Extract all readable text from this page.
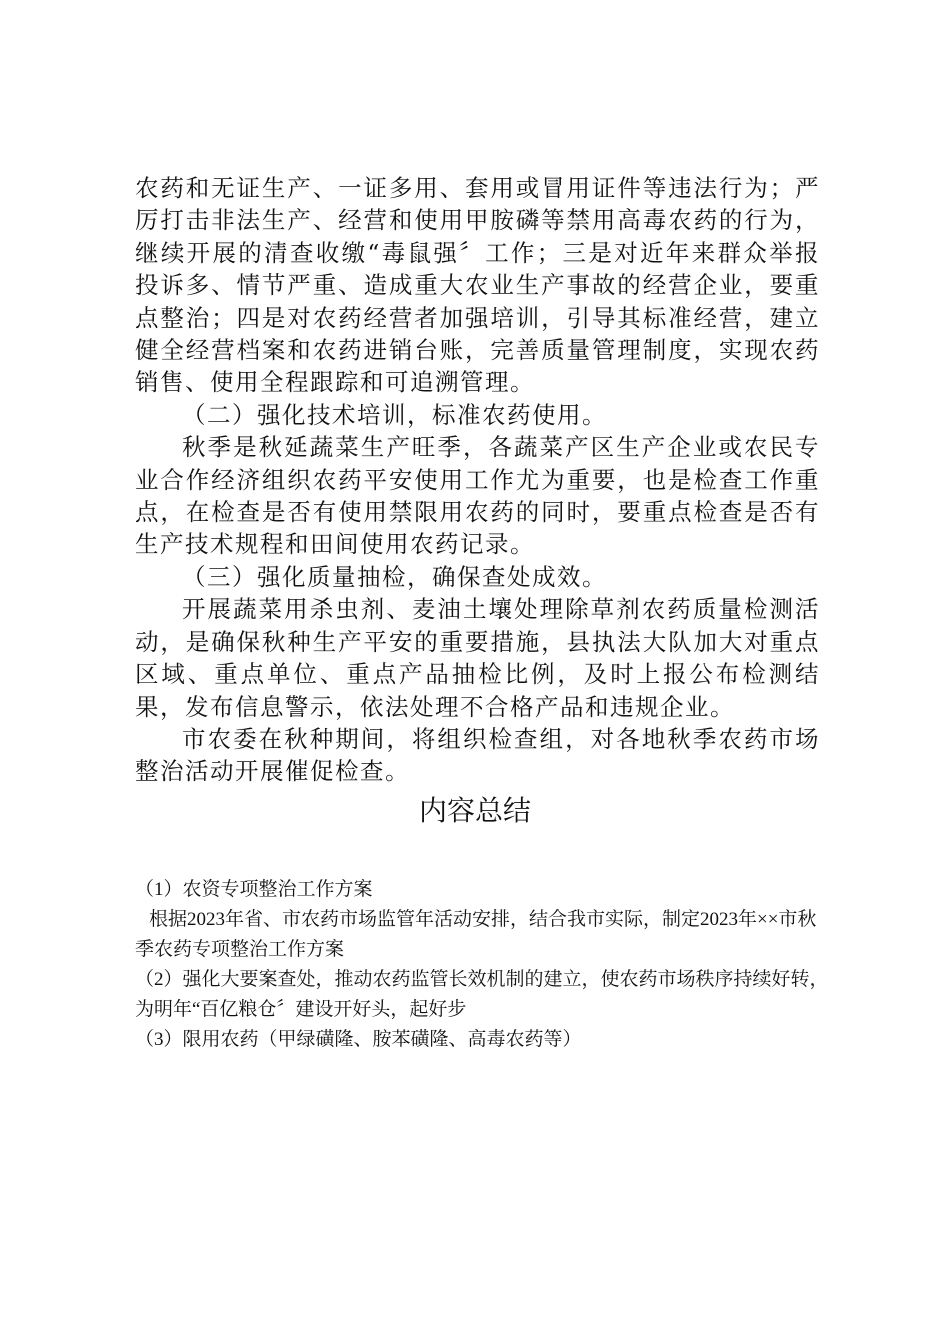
农药和无证生产、一证多用、套用或冒用证件等违法行为；严厉打击非法生产、经营和使用甲胺磷等禁用高毒农药的行为，继续开展的清查收缴“毒鼠强〞工作；三是对近年来群众举报投诉多、情节严重、造成重大农业生产事故的经营企业，要重点整治；四是对农药经营者加强培训，引导其标准经营，建立健全经营档案和农药进销台账，完善质量管理制度，实现农药销售、使用全程跟踪和可追溯管理。

（二）强化技术培训，标准农药使用。

秋季是秋延蔬菜生产旺季，各蔬菜产区生产企业或农民专业合作经济组织农药平安使用工作尤为重要，也是检查工作重点，在检查是否有使用禁限用农药的同时，要重点检查是否有生产技术规程和田间使用农药记录。

（三）强化质量抽检，确保查处成效。

开展蔬菜用杀虫剂、麦油土壤处理除草剂农药质量检测活动，是确保秋种生产平安的重要措施，县执法大队加大对重点区域、重点单位、重点产品抽检比例，及时上报公布检测结果，发布信息警示，依法处理不合格产品和违规企业。

市农委在秋种期间，将组织检查组，对各地秋季农药市场整治活动开展催促检查。

内容总结

（1）农资专项整治工作方案

根据2023年省、市农药市场监管年活动安排，结合我市实际，制定2023年××市秋季农药专项整治工作方案

（2）强化大要案查处，推动农药监管长效机制的建立，使农药市场秩序持续好转，为明年“百亿粮仓〞建设开好头，起好步

（3）限用农药（甲绿磺隆、胺苯磺隆、高毒农药等）
